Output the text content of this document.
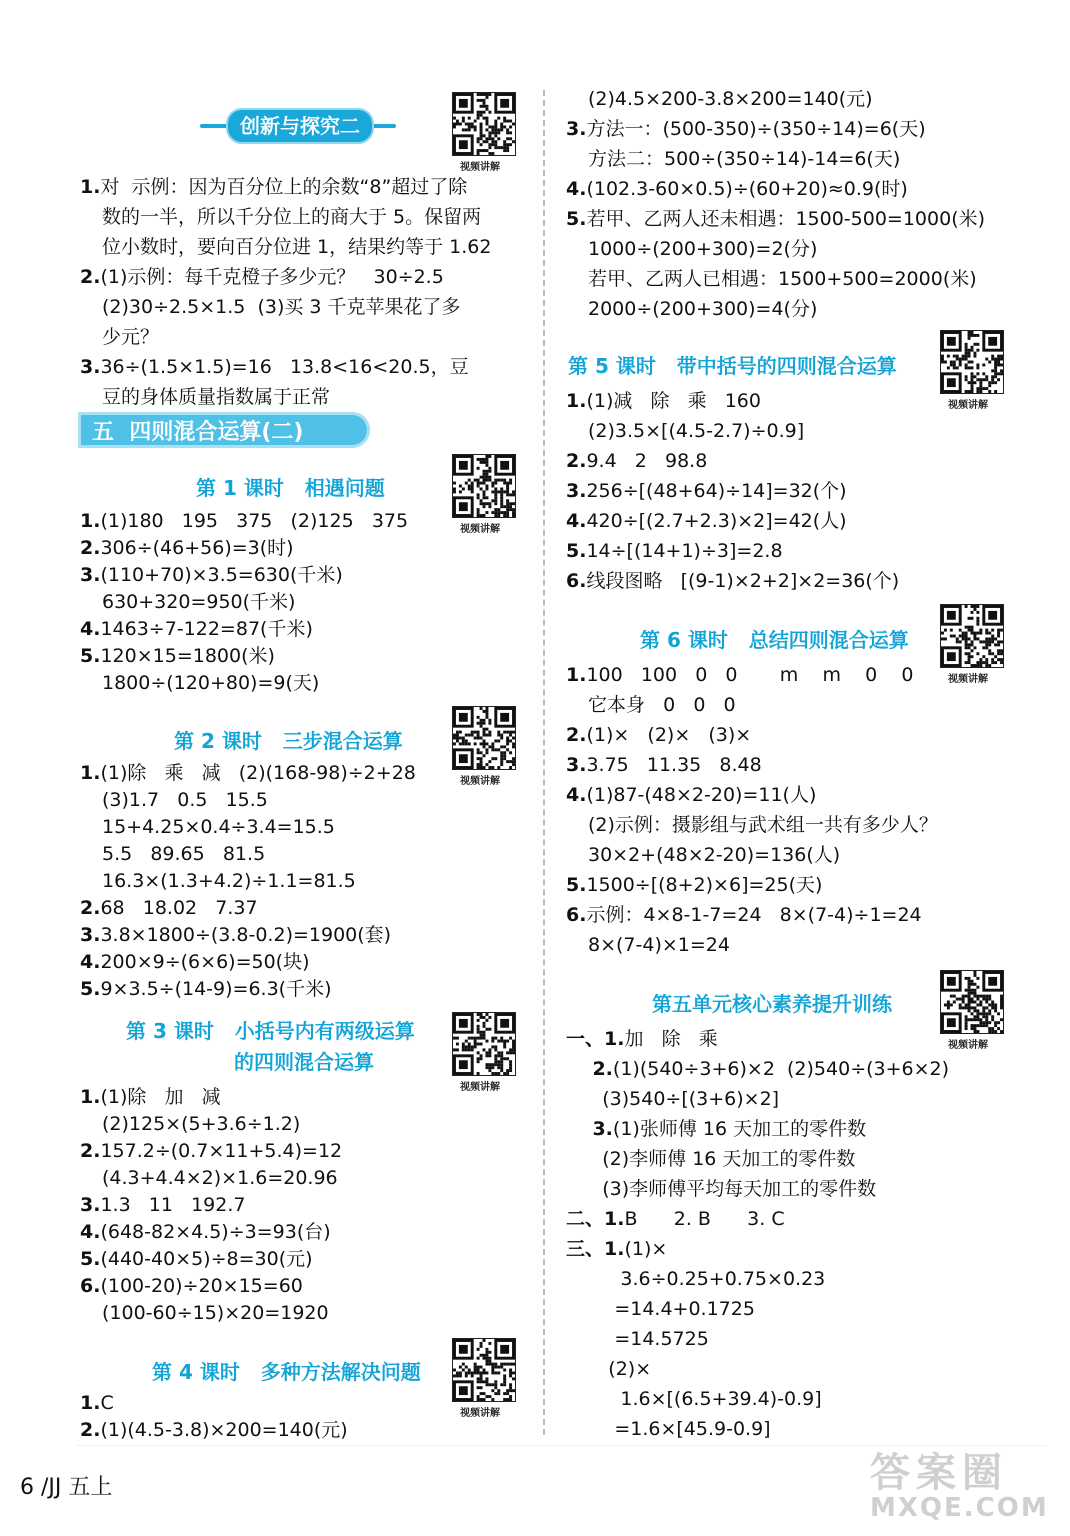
创新与探究二
1.对  示例：因为百分位上的余数“8”超过了除
数的一半，所以千分位上的商大于 5。保留两
位小数时，要向百分位进 1，结果约等于 1.62
2.(1)示例：每千克橙子多少元？   30÷2.5
(2)30÷2.5×1.5  (3)买 3 千克苹果花了多
少元？
3.36÷(1.5×1.5)=16   13.8<16<20.5，豆
豆的身体质量指数属于正常
五  四则混合运算(二)
第 1 课时   相遇问题
1.(1)180   195   375   (2)125   375
2.306÷(46+56)=3(时)
3.(110+70)×3.5=630(千米)
630+320=950(千米)
4.1463÷7-122=87(千米)
5.120×15=1800(米)
1800÷(120+80)=9(天)
第 2 课时   三步混合运算
1.(1)除   乘   减   (2)(168-98)÷2+28
(3)1.7   0.5   15.5
15+4.25×0.4÷3.4=15.5
5.5   89.65   81.5
16.3×(1.3+4.2)÷1.1=81.5
2.68   18.02   7.37
3.3.8×1800÷(3.8-0.2)=1900(套)
4.200×9÷(6×6)=50(块)
5.9×3.5÷(14-9)=6.3(千米)
第 3 课时   小括号内有两级运算
的四则混合运算
1.(1)除   加   减
(2)125×(5+3.6÷1.2)
2.157.2÷(0.7×11+5.4)=12
(4.3+4.4×2)×1.6=20.96
3.1.3   11   192.7
4.(648-82×4.5)÷3=93(台)
5.(440-40×5)÷8=30(元)
6.(100-20)÷20×15=60
(100-60÷15)×20=1920
第 4 课时   多种方法解决问题
1.C
2.(1)(4.5-3.8)×200=140(元)
(2)4.5×200-3.8×200=140(元)
3.方法一：(500-350)÷(350÷14)=6(天)
方法二：500÷(350÷14)-14=6(天)
4.(102.3-60×0.5)÷(60+20)≈0.9(时)
5.若甲、乙两人还未相遇：1500-500=1000(米)
1000÷(200+300)=2(分)
若甲、乙两人已相遇：1500+500=2000(米)
2000÷(200+300)=4(分)
第 5 课时   带中括号的四则混合运算
1.(1)减   除   乘   160
(2)3.5×[(4.5-2.7)÷0.9]
2.9.4   2   98.8
3.256÷[(48+64)÷14]=32(个)
4.420÷[(2.7+2.3)×2]=42(人)
5.14÷[(14+1)÷3]=2.8
6.线段图略   [(9-1)×2+2]×2=36(个)
第 6 课时   总结四则混合运算
1.100   100   0   0       m    m    0    0
它本身   0   0   0
2.(1)×   (2)×   (3)×
3.3.75   11.35   8.48
4.(1)87-(48×2-20)=11(人)
(2)示例：摄影组与武术组一共有多少人？
30×2+(48×2-20)=136(人)
5.1500÷[(8+2)×6]=25(天)
6.示例：4×8-1-7=24   8×(7-4)÷1=24
8×(7-4)×1=24
第五单元核心素养提升训练
一、1.加   除   乘
2.(1)(540÷3+6)×2  (2)540÷(3+6×2)
(3)540÷[(3+6)×2]
3.(1)张师傅 16 天加工的零件数
(2)李师傅 16 天加工的零件数
(3)李师傅平均每天加工的零件数
二、1.B      2. B      3. C
三、1.(1)×
3.6÷0.25+0.75×0.23
=14.4+0.1725
=14.5725
(2)×
1.6×[(6.5+39.4)-0.9]
=1.6×[45.9-0.9]
视频讲解
视频讲解
视频讲解
视频讲解
视频讲解
视频讲解
视频讲解
视频讲解
6 /JJ 五上	答案圈
MXQE.COM
